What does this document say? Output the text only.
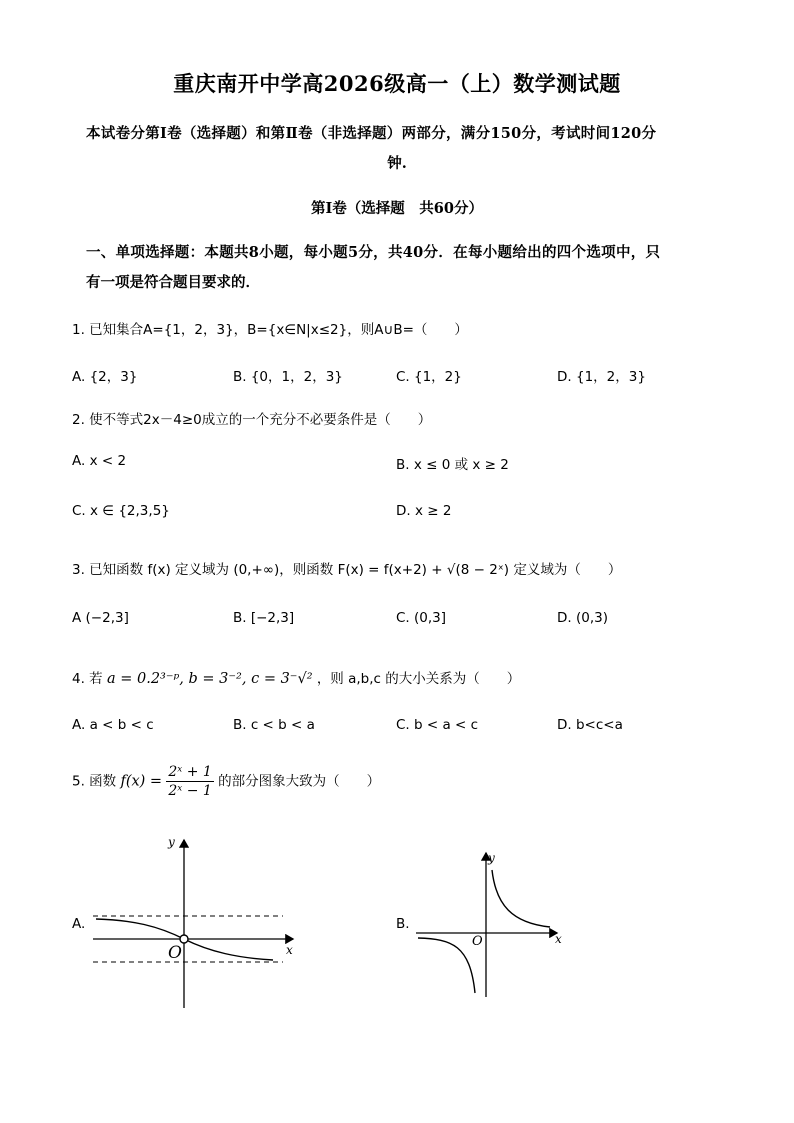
重庆南开中学高2026级高一（上）数学测试题
本试卷分第Ⅰ卷（选择题）和第Ⅱ卷（非选择题）两部分，满分150分，考试时间120分
钟.
第Ⅰ卷（选择题　共60分）
一、单项选择题：本题共8小题，每小题5分，共40分．在每小题给出的四个选项中，只
有一项是符合题目要求的．
1. 已知集合A={1，2，3}，B={x∈N|x≤2}，则A∪B=（　　）
A. {2，3}	B. {0，1，2，3}	C. {1，2}	D. {1，2，3}
2. 使不等式2x－4≥0成立的一个充分不必要条件是（　　）
A. x < 2	B. x ≤ 0 或 x ≥ 2
C. x ∈ {2,3,5}	D. x ≥ 2
3. 已知函数 f(x) 定义域为 (0,+∞)，则函数 F(x) = f(x+2) + √(8 − 2ˣ) 定义域为（　　）
A (−2,3]	B. [−2,3]	C. (0,3]	D. (0,3)
4. 若 a = 0.2³⁻ᵖ, b = 3⁻², c = 3⁻√² ，则 a,b,c 的大小关系为（　　）
A. a < b < c	B. c < b < a	C. b < a < c	D. b<c<a
5. 函数 $f(x) = \frac{\text{2ˣ + 1}}{\text{2ˣ − 1}}$ 的部分图象大致为（　　）
A.	B.
y
x
O
y
x
O
